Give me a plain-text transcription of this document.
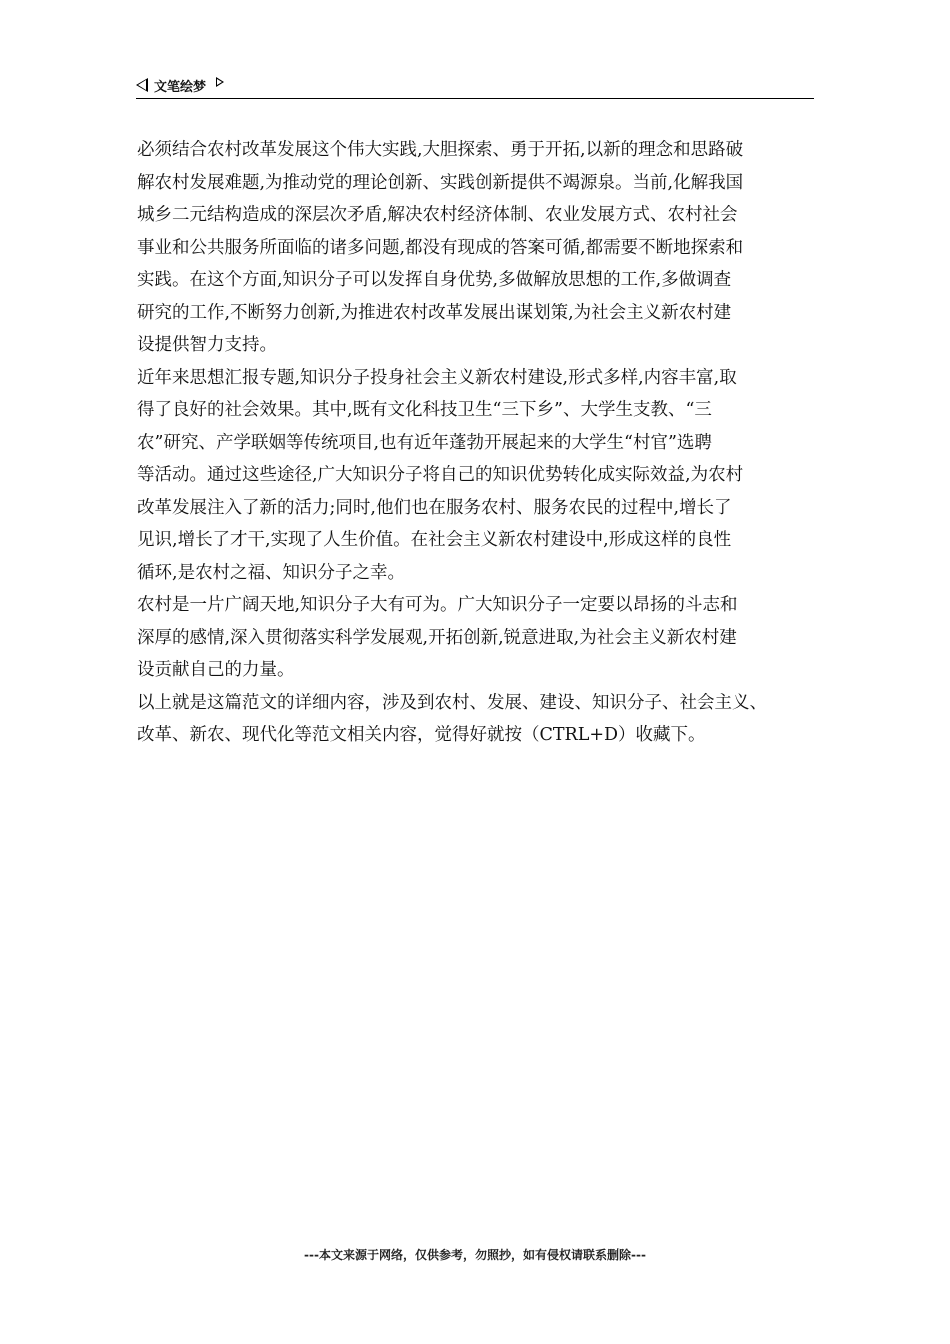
文笔绘梦
必须结合农村改革发展这个伟大实践,大胆探索、勇于开拓,以新的理念和思路破
解农村发展难题,为推动党的理论创新、实践创新提供不竭源泉。当前,化解我国
城乡二元结构造成的深层次矛盾,解决农村经济体制、农业发展方式、农村社会
事业和公共服务所面临的诸多问题,都没有现成的答案可循,都需要不断地探索和
实践。在这个方面,知识分子可以发挥自身优势,多做解放思想的工作,多做调查
研究的工作,不断努力创新,为推进农村改革发展出谋划策,为社会主义新农村建
设提供智力支持。
近年来思想汇报专题,知识分子投身社会主义新农村建设,形式多样,内容丰富,取
得了良好的社会效果。其中,既有文化科技卫生“三下乡”、大学生支教、“三
农”研究、产学联姻等传统项目,也有近年蓬勃开展起来的大学生“村官”选聘
等活动。通过这些途径,广大知识分子将自己的知识优势转化成实际效益,为农村
改革发展注入了新的活力;同时,他们也在服务农村、服务农民的过程中,增长了
见识,增长了才干,实现了人生价值。在社会主义新农村建设中,形成这样的良性
循环,是农村之福、知识分子之幸。
农村是一片广阔天地,知识分子大有可为。广大知识分子一定要以昂扬的斗志和
深厚的感情,深入贯彻落实科学发展观,开拓创新,锐意进取,为社会主义新农村建
设贡献自己的力量。
以上就是这篇范文的详细内容，涉及到农村、发展、建设、知识分子、社会主义、
改革、新农、现代化等范文相关内容，觉得好就按（CTRL+D）收藏下。
---本文来源于网络，仅供参考，勿照抄，如有侵权请联系删除---
